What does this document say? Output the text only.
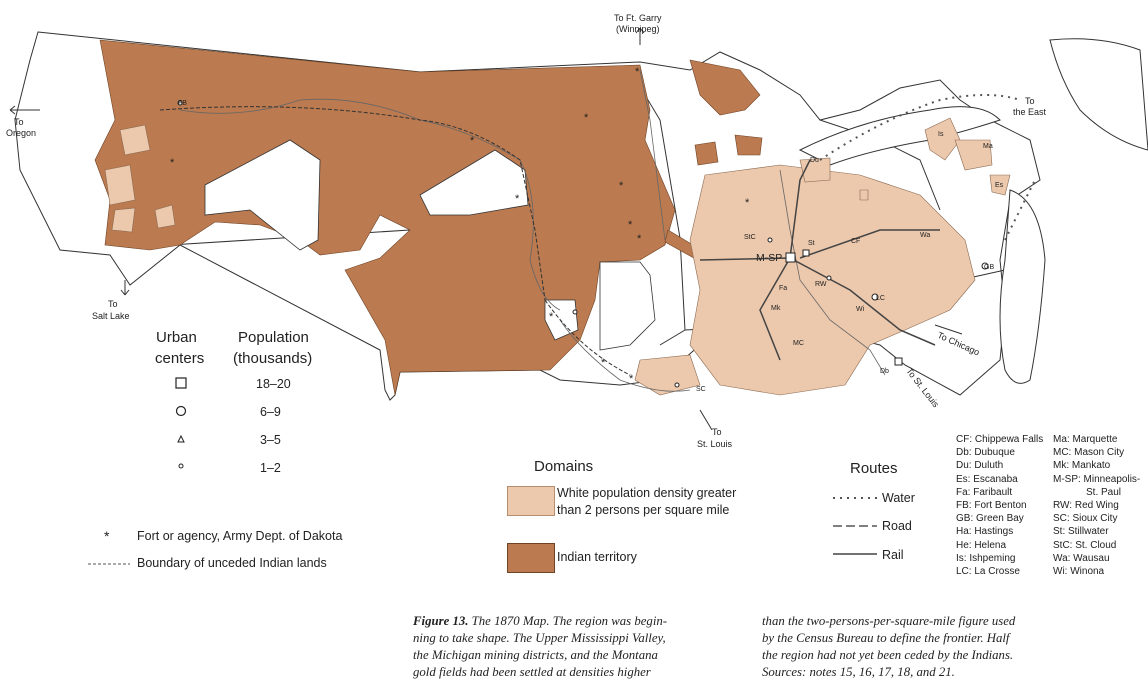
*
*
*
*
*
*
*
*
*
*
*
*
To Ft. Garry
(Winnipeg)
To
Oregon
To
Salt Lake
To
St. Louis
To
the East
To Chicago
To St. Louis
FB
M-SP
StC
St	CF
Wa
Fa
RW
Mk	Wi
LC
MC
SC
Db
GB
Du
Is
Ma
Es
Urban
centers
Population
(thousands)
18–20
6–9
3–5
1–2
* Fort or agency, Army Dept. of Dakota
Boundary of unceded Indian lands
Domains
White population density greater
than 2 persons per square mile
Indian territory
Routes
Water
Road
Rail
CF: Chippewa Falls
Db: Dubuque
Du: Duluth
Es: Escanaba
Fa: Faribault
FB: Fort Benton
GB: Green Bay
Ha: Hastings
He: Helena
Is: Ishpeming
LC: La Crosse
Ma: Marquette
MC: Mason City
Mk: Mankato
M-SP: Minneapolis-
St. Paul
RW: Red Wing
SC: Sioux City
St: Stillwater
StC: St. Cloud
Wa: Wausau
Wi: Winona
Figure 13. The 1870 Map. The region was begin-
ning to take shape. The Upper Mississippi Valley,
the Michigan mining districts, and the Montana
gold fields had been settled at densities higher
than the two-persons-per-square-mile figure used
by the Census Bureau to define the frontier. Half
the region had not yet been ceded by the Indians.
Sources: notes 15, 16, 17, 18, and 21.
